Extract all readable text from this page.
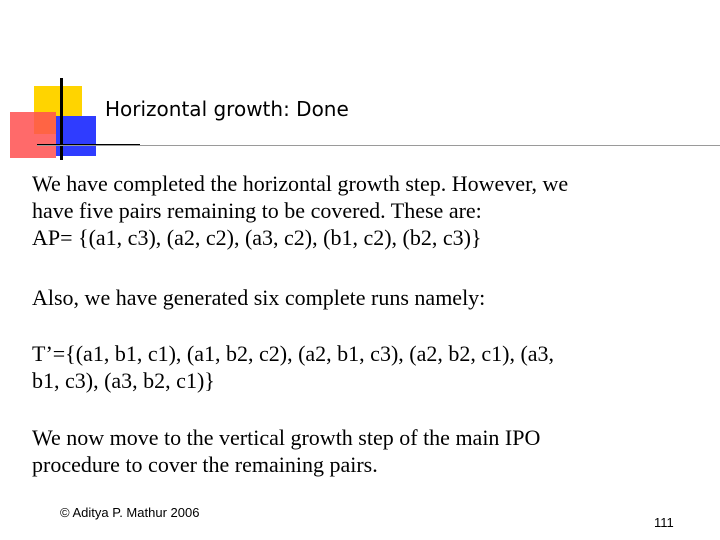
Horizontal growth: Done
We have completed the horizontal growth step. However, we
have five pairs remaining to be covered. These are:
AP= {(a1, c3), (a2, c2), (a3, c2), (b1, c2), (b2, c3)}
Also, we have generated six complete runs namely:
T’={(a1, b1, c1), (a1, b2, c2), (a2, b1, c3), (a2, b2, c1), (a3,
b1, c3), (a3, b2, c1)}
We now move to the vertical growth step of the main IPO
procedure to cover the remaining pairs.
© Aditya P. Mathur 2006
111
